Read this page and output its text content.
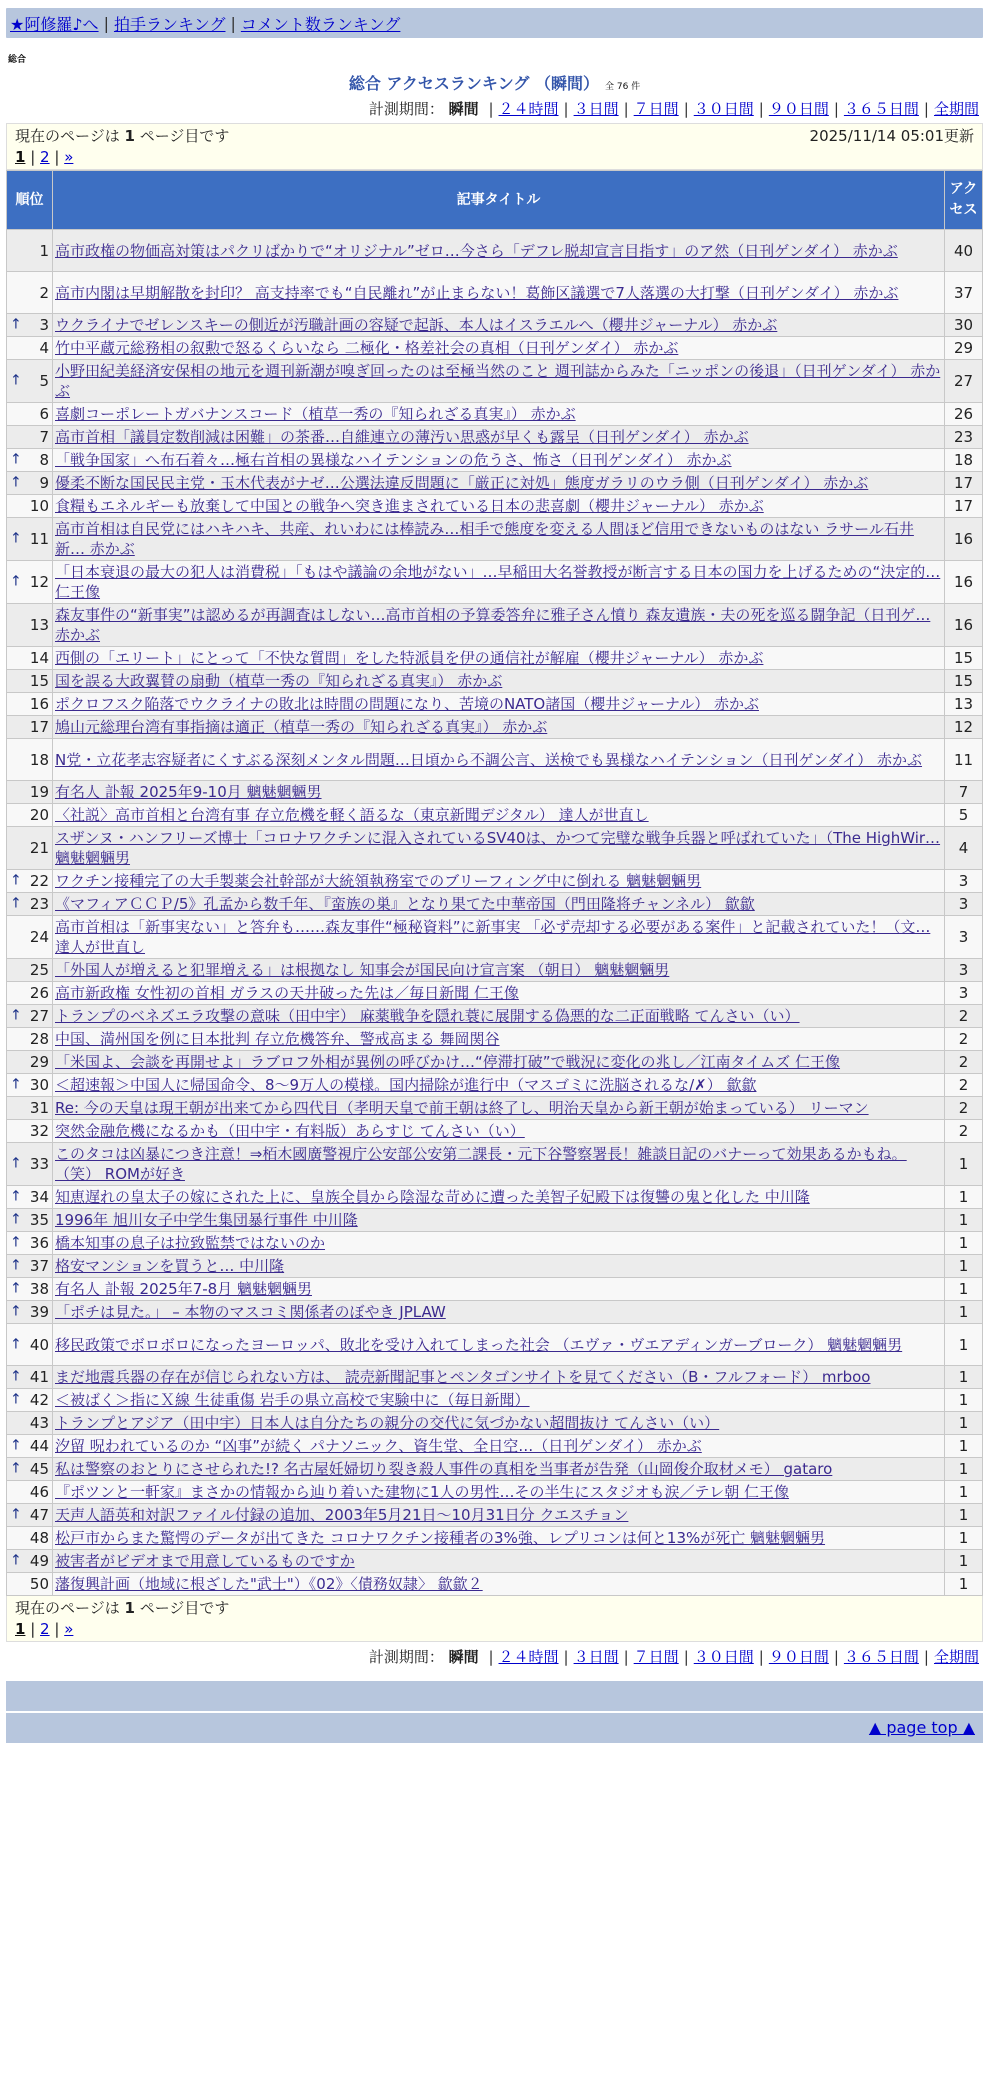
★阿修羅♪へ | 拍手ランキング | コメント数ランキング
総合
総合 アクセスランキング （瞬間） 全 76 件
計測期間： 瞬間 | ２４時間 | ３日間 | ７日間 | ３０日間 | ９０日間 | ３６５日間 | 全期間
現在のページは 1 ページ目です	2025/11/14 05:01更新
1 | 2 | »
順位	記事タイトル	アクセス
1	高市政権の物価高対策はパクリばかりで“オリジナル”ゼロ…今さら「デフレ脱却宣言目指す」のア然（日刊ゲンダイ） 赤かぶ	40
2	高市内閣は早期解散を封印？ 高支持率でも“自民離れ”が止まらない！葛飾区議選で7人落選の大打撃（日刊ゲンダイ） 赤かぶ	37

↑ 3	ウクライナでゼレンスキーの側近が汚職計画の容疑で起訴、本人はイスラエルへ（櫻井ジャーナル） 赤かぶ	30
4	竹中平蔵元総務相の叙勲で怒るくらいなら 二極化・格差社会の真相（日刊ゲンダイ） 赤かぶ	29

↑ 5	小野田紀美経済安保相の地元を週刊新潮が嗅ぎ回ったのは至極当然のこと 週刊誌からみた「ニッポンの後退」（日刊ゲンダイ） 赤かぶ	27
6	喜劇コーポレートガバナンスコード（植草一秀の『知られざる真実』） 赤かぶ	26
7	高市首相「議員定数削減は困難」の茶番…自維連立の薄汚い思惑が早くも露呈（日刊ゲンダイ） 赤かぶ	23

↑ 8	「戦争国家」へ布石着々…極右首相の異様なハイテンションの危うさ、怖さ（日刊ゲンダイ） 赤かぶ	18

↑ 9	優柔不断な国民民主党・玉木代表がナゼ…公選法違反問題に「厳正に対処」態度ガラリのウラ側（日刊ゲンダイ） 赤かぶ	17
10	食糧もエネルギーも放棄して中国との戦争へ突き進まされている日本の悲喜劇（櫻井ジャーナル） 赤かぶ	17

↑ 11	高市首相は自民党にはハキハキ、共産、れいわには棒読み…相手で態度を変える人間ほど信用できないものはない ラサール石井 新… 赤かぶ	16

↑ 12	「日本衰退の最大の犯人は消費税」「もはや議論の余地がない」…早稲田大名誉教授が断言する日本の国力を上げるための“決定的… 仁王像	16
13	森友事件の“新事実”は認めるが再調査はしない…高市首相の予算委答弁に雅子さん憤り 森友遺族・夫の死を巡る闘争記（日刊ゲ… 赤かぶ	16
14	西側の「エリート」にとって「不快な質問」をした特派員を伊の通信社が解雇（櫻井ジャーナル） 赤かぶ	15
15	国を誤る大政翼賛の扇動（植草一秀の『知られざる真実』） 赤かぶ	15
16	ポクロフスク陥落でウクライナの敗北は時間の問題になり、苦境のNATO諸国（櫻井ジャーナル） 赤かぶ	13
17	鳩山元総理台湾有事指摘は適正（植草一秀の『知られざる真実』） 赤かぶ	12
18	N党・立花孝志容疑者にくすぶる深刻メンタル問題…日頃から不調公言、送検でも異様なハイテンション（日刊ゲンダイ） 赤かぶ	11
19	有名人 訃報 2025年9-10月 魑魅魍魎男	7
20	〈社説〉高市首相と台湾有事 存立危機を軽く語るな（東京新聞デジタル） 達人が世直し	5
21	スザンヌ・ハンフリーズ博士「コロナワクチンに混入されているSV40は、かつて完璧な戦争兵器と呼ばれていた」（The HighWir… 魑魅魍魎男	4

↑ 22	ワクチン接種完了の大手製薬会社幹部が大統領執務室でのブリーフィング中に倒れる 魑魅魍魎男	3

↑ 23	《マフィアＣＣＰ/5》孔孟から数千年、『蛮族の巣』となり果てた中華帝国（門田隆将チャンネル） 歙歙	3
24	高市首相は「新事実ない」と答弁も……森友事件“極秘資料”に新事実 「必ず売却する必要がある案件」と記載されていた！（文… 達人が世直し	3
25	「外国人が増えると犯罪増える」は根拠なし 知事会が国民向け宣言案 （朝日） 魑魅魍魎男	3
26	高市新政権 女性初の首相 ガラスの天井破った先は／毎日新聞 仁王像	3

↑ 27	トランプのベネズエラ攻撃の意味（田中宇） 麻薬戦争を隠れ蓑に展開する偽悪的な二正面戦略 てんさい（い）	2
28	中国、満州国を例に日本批判 存立危機答弁、警戒高まる 舞岡関谷	2
29	「米国よ、会談を再開せよ」ラブロフ外相が異例の呼びかけ…“停滞打破”で戦況に変化の兆し／江南タイムズ 仁王像	2

↑ 30	＜超速報＞中国人に帰国命令、8〜9万人の模様。国内掃除が進行中（マスゴミに洗脳されるな/✗） 歙歙	2
31	Re: 今の天皇は現王朝が出来てから四代目（孝明天皇で前王朝は終了し、明治天皇から新王朝が始まっている） リーマン	2
32	突然金融危機になるかも（田中宇・有料版）あらすじ てんさい（い）	2

↑ 33	このタコは凶暴につき注意！⇒栢木國廣警視庁公安部公安第二課長・元下谷警察署長！雑談日記のバナーって効果あるかもね。（笑） ROMが好き	1

↑ 34	知恵遅れの皇太子の嫁にされた上に、皇族全員から陰湿な苛めに遭った美智子妃殿下は復讐の鬼と化した 中川隆	1

↑ 35	1996年 旭川女子中学生集団暴行事件 中川隆	1

↑ 36	橋本知事の息子は拉致監禁ではないのか	1

↑ 37	格安マンションを買うと… 中川隆	1

↑ 38	有名人 訃報 2025年7-8月 魑魅魍魎男	1

↑ 39	「ポチは見た。」 – 本物のマスコミ関係者のぼやき JPLAW	1

↑ 40	移民政策でボロボロになったヨーロッパ、敗北を受け入れてしまった社会 （エヴァ・ヴエアディンガーブローク） 魑魅魍魎男	1

↑ 41	まだ地震兵器の存在が信じられない方は、 読売新聞記事とペンタゴンサイトを見てください（B・フルフォード） mrboo	1

↑ 42	＜被ばく＞指にＸ線 生徒重傷 岩手の県立高校で実験中に（毎日新聞）	1
43	トランプとアジア（田中宇）日本人は自分たちの親分の交代に気づかない超間抜け てんさい（い）	1

↑ 44	汐留 呪われているのか “凶事”が続く パナソニック、資生堂、全日空…（日刊ゲンダイ） 赤かぶ	1

↑ 45	私は警察のおとりにさせられた!? 名古屋妊婦切り裂き殺人事件の真相を当事者が告発（山岡俊介取材メモ） gataro	1
46	『ポツンと一軒家』まさかの情報から辿り着いた建物に1人の男性…その半生にスタジオも涙／テレ朝 仁王像	1

↑ 47	天声人語英和対訳ファイル付録の追加、2003年5月21日〜10月31日分 クエスチョン	1
48	松戸市からまた驚愕のデータが出てきた コロナワクチン接種者の3%強、レプリコンは何と13%が死亡 魑魅魍魎男	1

↑ 49	被害者がビデオまで用意しているものですか	1
50	藩復興計画（地域に根ざした"武士"）《02》〈債務奴隷〉 歙歙２	1
現在のページは 1 ページ目です
1 | 2 | »
計測期間： 瞬間 | ２４時間 | ３日間 | ７日間 | ３０日間 | ９０日間 | ３６５日間 | 全期間
▲ page top ▲
